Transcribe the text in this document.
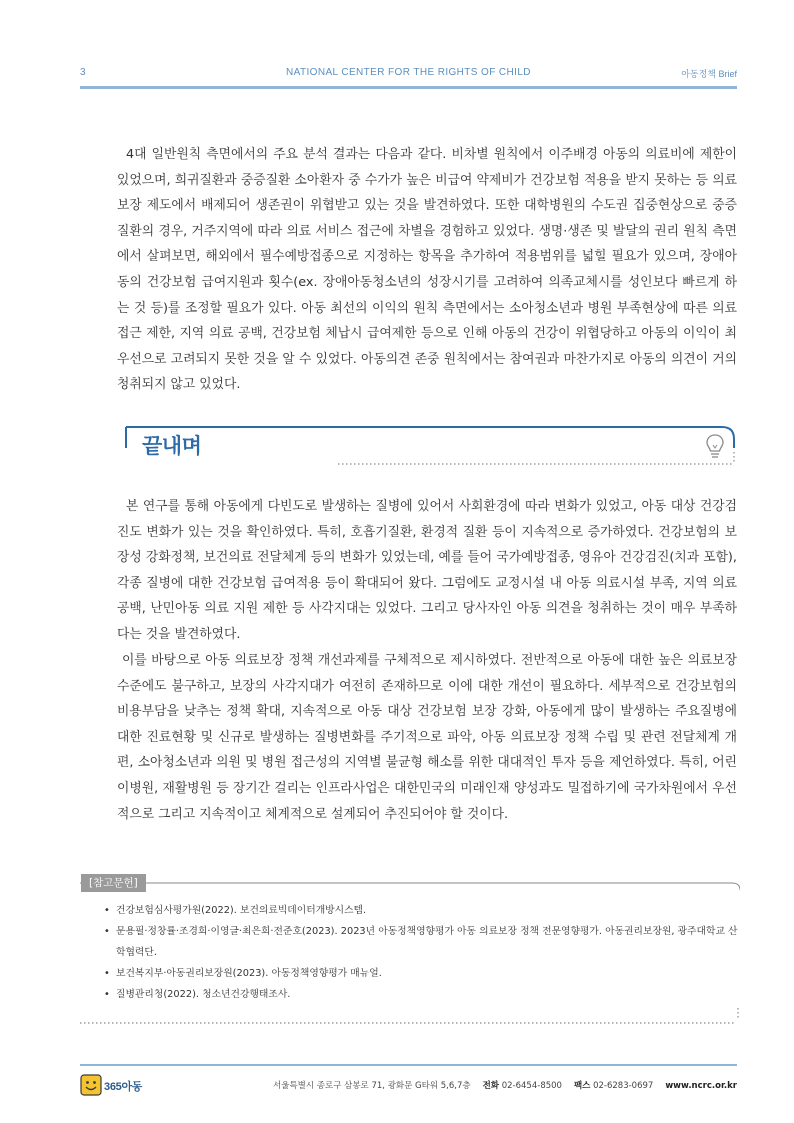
3	NATIONAL CENTER FOR THE RIGHTS OF CHILD	아동정책 Brief

4대 일반원칙 측면에서의 주요 분석 결과는 다음과 같다. 비차별 원칙에서 이주배경 아동의 의료비에 제한이 있었으며, 희귀질환과 중증질환 소아환자 중 수가가 높은 비급여 약제비가 건강보험 적용을 받지 못하는 등 의료보장 제도에서 배제되어 생존권이 위협받고 있는 것을 발견하였다. 또한 대학병원의 수도권 집중현상으로 중증질환의 경우, 거주지역에 따라 의료 서비스 접근에 차별을 경험하고 있었다. 생명·생존 및 발달의 권리 원칙 측면에서 살펴보면, 해외에서 필수예방접종으로 지정하는 항목을 추가하여 적용범위를 넓힐 필요가 있으며, 장애아동의 건강보험 급여지원과 횟수(ex. 장애아동청소년의 성장시기를 고려하여 의족교체시를 성인보다 빠르게 하는 것 등)를 조정할 필요가 있다. 아동 최선의 이익의 원칙 측면에서는 소아청소년과 병원 부족현상에 따른 의료접근 제한, 지역 의료 공백, 건강보험 체납시 급여제한 등으로 인해 아동의 건강이 위협당하고 아동의 이익이 최우선으로 고려되지 못한 것을 알 수 있었다. 아동의견 존중 원칙에서는 참여권과 마찬가지로 아동의 의견이 거의 청취되지 않고 있었다.

끝내며

본 연구를 통해 아동에게 다빈도로 발생하는 질병에 있어서 사회환경에 따라 변화가 있었고, 아동 대상 건강검진도 변화가 있는 것을 확인하였다. 특히, 호흡기질환, 환경적 질환 등이 지속적으로 증가하였다. 건강보험의 보장성 강화정책, 보건의료 전달체계 등의 변화가 있었는데, 예를 들어 국가예방접종, 영유아 건강검진(치과 포함), 각종 질병에 대한 건강보험 급여적용 등이 확대되어 왔다. 그럼에도 교정시설 내 아동 의료시설 부족, 지역 의료 공백, 난민아동 의료 지원 제한 등 사각지대는 있었다. 그리고 당사자인 아동 의견을 청취하는 것이 매우 부족하다는 것을 발견하였다.

이를 바탕으로 아동 의료보장 정책 개선과제를 구체적으로 제시하였다. 전반적으로 아동에 대한 높은 의료보장 수준에도 불구하고, 보장의 사각지대가 여전히 존재하므로 이에 대한 개선이 필요하다. 세부적으로 건강보험의 비용부담을 낮추는 정책 확대, 지속적으로 아동 대상 건강보험 보장 강화, 아동에게 많이 발생하는 주요질병에 대한 진료현황 및 신규로 발생하는 질병변화를 주기적으로 파악, 아동 의료보장 정책 수립 및 관련 전달체계 개편, 소아청소년과 의원 및 병원 접근성의 지역별 불균형 해소를 위한 대대적인 투자 등을 제언하였다. 특히, 어린이병원, 재활병원 등 장기간 걸리는 인프라사업은 대한민국의 미래인재 양성과도 밀접하기에 국가차원에서 우선적으로 그리고 지속적이고 체계적으로 설계되어 추진되어야 할 것이다.

[참고문헌]
• 건강보험심사평가원(2022). 보건의료빅데이터개방시스템.
• 문용필·정창률·조경희·이영글·최은희·전준호(2023). 2023년 아동정책영향평가 아동 의료보장 정책 전문영향평가. 아동권리보장원, 광주대학교 산학협력단.
• 보건복지부·아동권리보장원(2023). 아동정책영향평가 매뉴얼.
• 질병관리청(2022). 청소년건강행태조사.
365아동	서울특별시 종로구 삼봉로 71, 광화문 G타워 5,6,7층 전화 02-6454-8500 팩스 02-6283-0697 www.ncrc.or.kr
